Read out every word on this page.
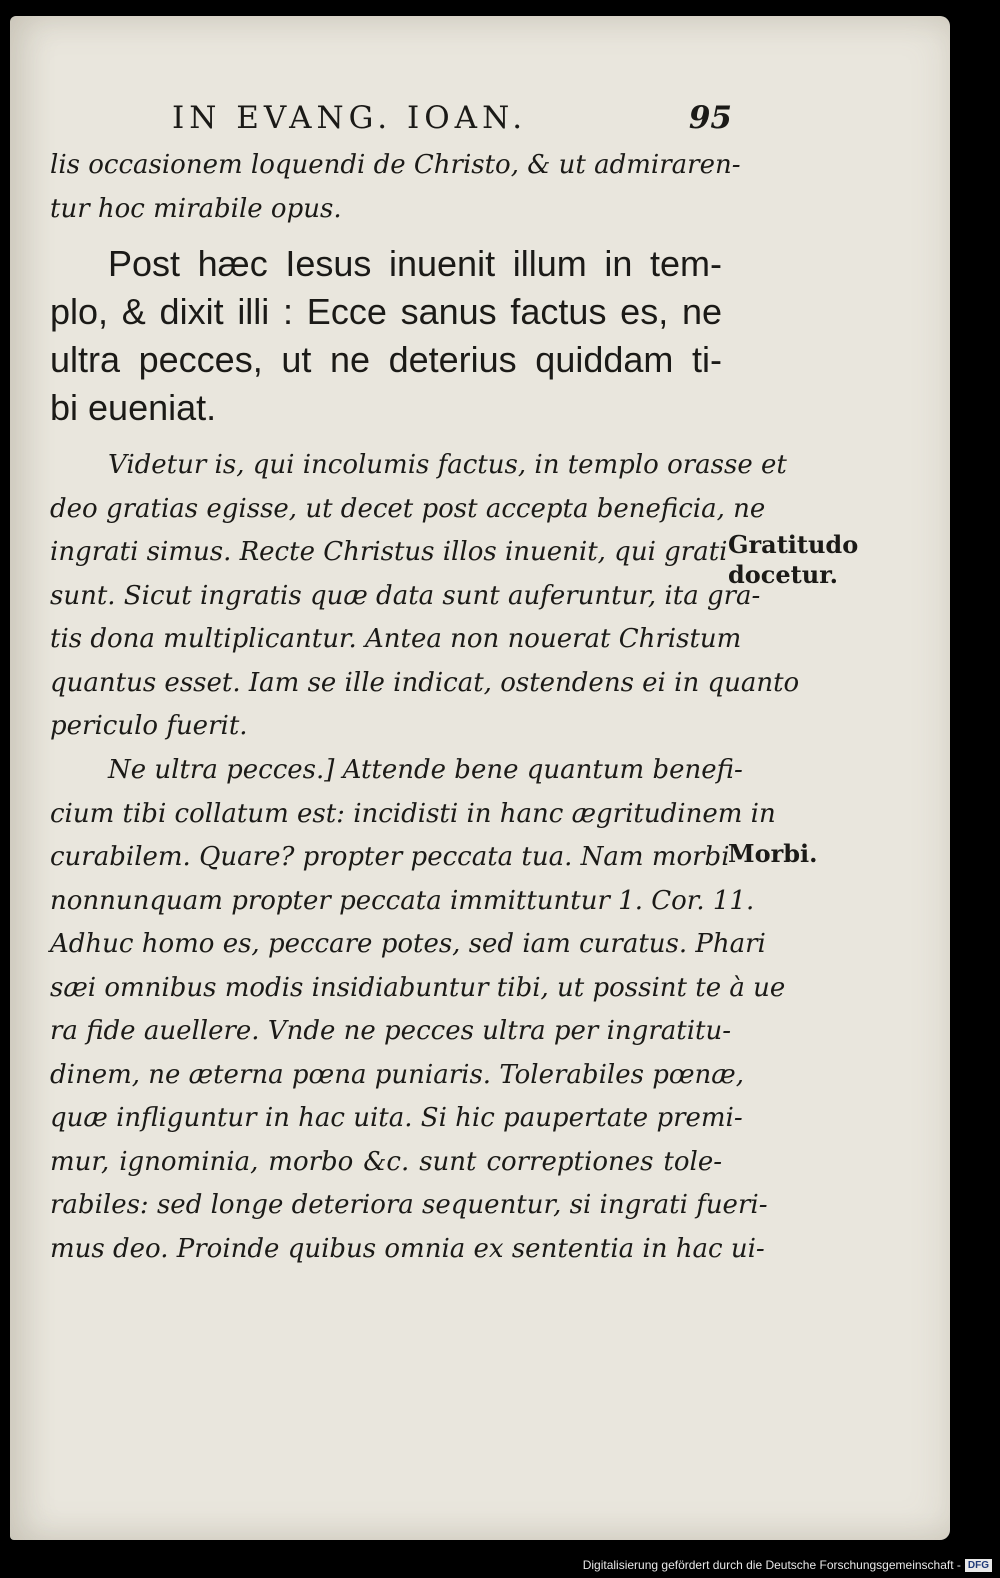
IN EVANG. IOAN.	95
lis occasionem loquendi de Christo, & ut admiraren-
tur hoc mirabile opus.
Post hæc Iesus inuenit illum in tem-
plo, & dixit illi : Ecce sanus factus es, ne
ultra pecces, ut ne deterius quiddam ti-
bi eueniat.
Videtur is, qui incolumis factus, in templo orasse et
deo gratias egisse, ut decet post accepta beneficia, ne
ingrati simus. Recte Christus illos inuenit, qui grati
sunt. Sicut ingratis quæ data sunt auferuntur, ita gra-
tis dona multiplicantur. Antea non nouerat Christum
quantus esset. Iam se ille indicat, ostendens ei in quanto
periculo fuerit.
Ne ultra pecces.] Attende bene quantum benefi-
cium tibi collatum est: incidisti in hanc ægritudinem in
curabilem. Quare? propter peccata tua. Nam morbi
nonnunquam propter peccata immittuntur 1. Cor. 11.
Adhuc homo es, peccare potes, sed iam curatus. Phari
sæi omnibus modis insidiabuntur tibi, ut possint te à ue
ra fide auellere. Vnde ne pecces ultra per ingratitu-
dinem, ne æterna pœna puniaris. Tolerabiles pœnæ,
quæ infliguntur in hac uita. Si hic paupertate premi-
mur, ignominia, morbo &c. sunt correptiones tole-
rabiles: sed longe deteriora sequentur, si ingrati fueri-
mus deo. Proinde quibus omnia ex sententia in hac ui-
Gratitudo
docetur.
Morbi.
Digitalisierung gefördert durch die Deutsche Forschungsgemeinschaft - DFG
